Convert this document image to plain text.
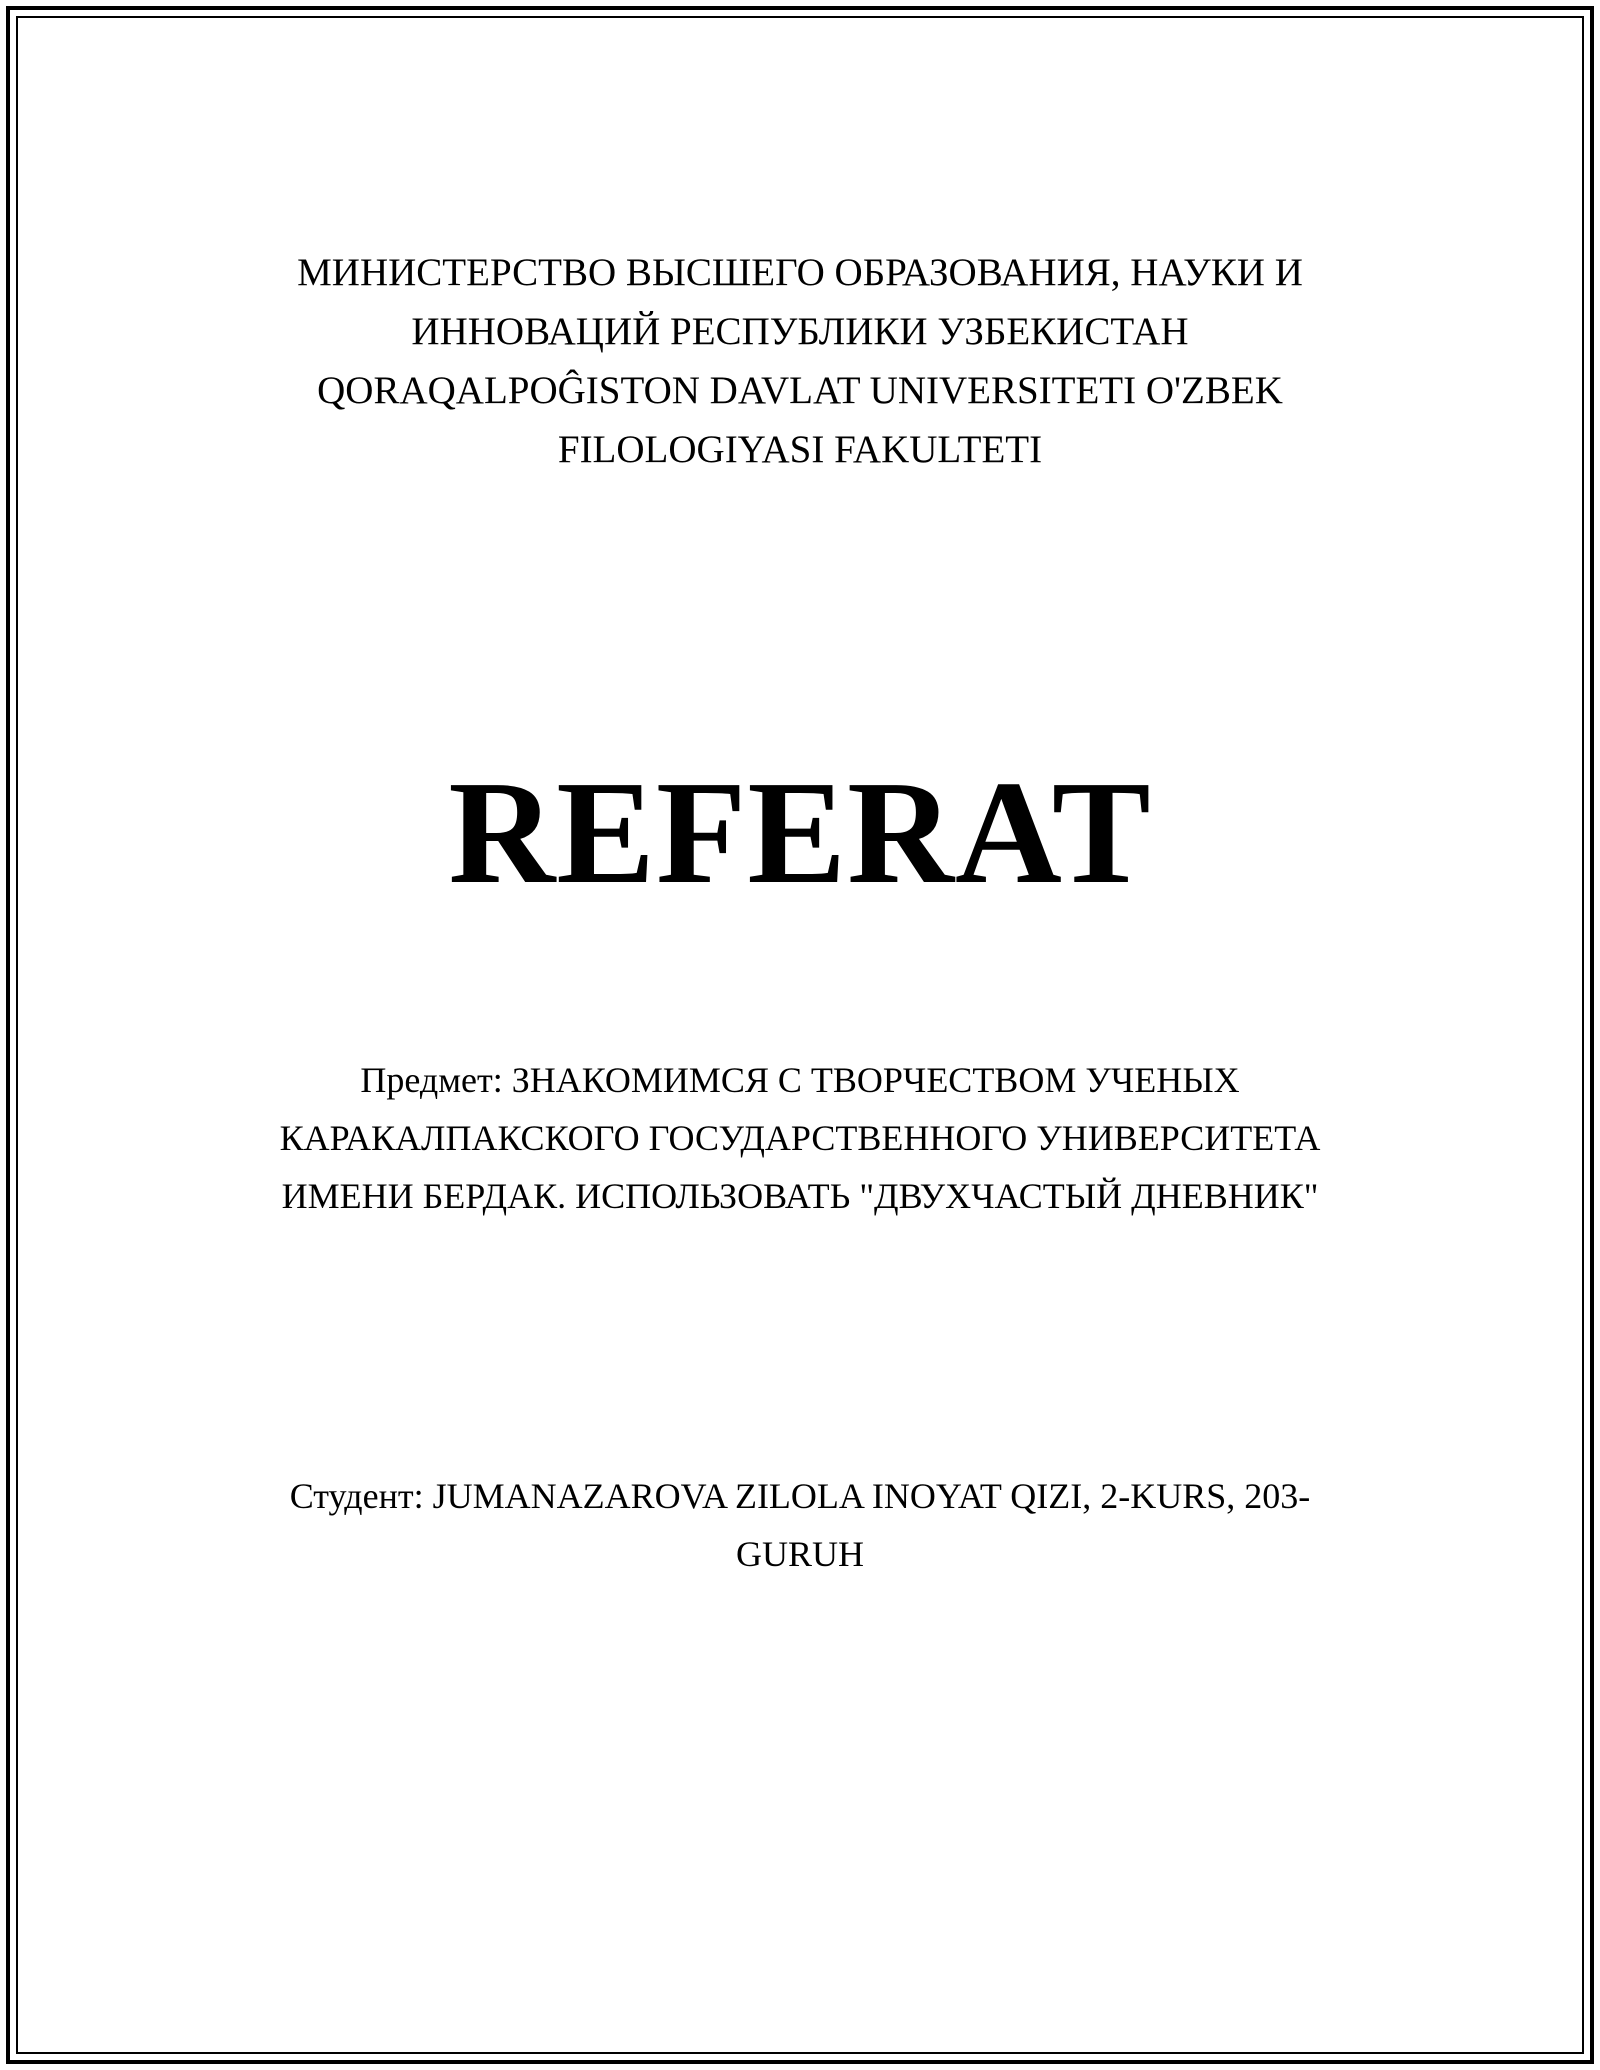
МИНИСТЕРСТВО ВЫСШЕГО ОБРАЗОВАНИЯ, НАУКИ И
ИННОВАЦИЙ РЕСПУБЛИКИ УЗБЕКИСТАН
QORAQALPOĜISTON DAVLAT UNIVERSITETI O'ZBEK
FILOLOGIYASI FAKULTETI
REFERAT
Предмет: ЗНАКОМИМСЯ С ТВОРЧЕСТВОМ УЧЕНЫХ
КАРАКАЛПАКСКОГО ГОСУДАРСТВЕННОГО УНИВЕРСИТЕТА
ИМЕНИ БЕРДАК. ИСПОЛЬЗОВАТЬ "ДВУХЧАСТЫЙ ДНЕВНИК"
Студент: JUMANAZAROVA ZILOLA INOYAT QIZI, 2-KURS, 203-
GURUH
